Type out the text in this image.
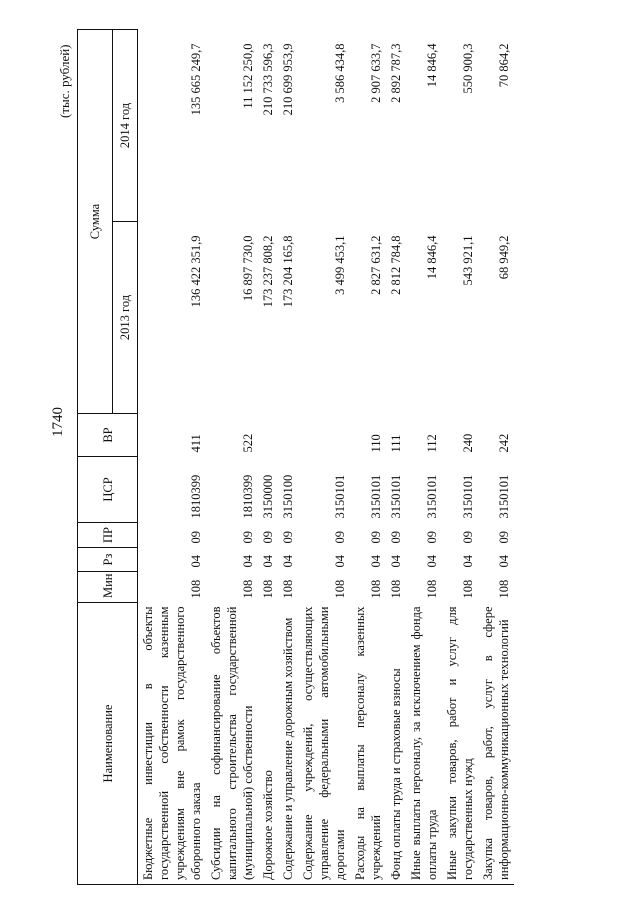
1740
(тыс. рублей)
Наименование	Мин	Рз	ПР	ЦСР	ВР	Сумма	
						2013 год	2014 год
Бюджетные инвестиции в объекты государственной собственности казенным учреждениям вне рамок государственного оборонного заказа	108	04	09	1810399	411	136 422 351,9	135 665 249,7
Субсидии на софинансирование объектов капитального строительства государственной (муниципальной) собственности	108	04	09	1810399	522	16 897 730,0	11 152 250,0
Дорожное хозяйство	108	04	09	3150000		173 237 808,2	210 733 596,3
Содержание и управление дорожным хозяйством	108	04	09	3150100		173 204 165,8	210 699 953,9
Содержание учреждений, осуществляющих управление федеральными автомобильными дорогами	108	04	09	3150101		3 499 453,1	3 586 434,8
Расходы на выплаты персоналу казенных учреждений	108	04	09	3150101	110	2 827 631,2	2 907 633,7
Фонд оплаты труда и страховые взносы	108	04	09	3150101	111	2 812 784,8	2 892 787,3
Иные выплаты персоналу, за исключением фонда оплаты труда	108	04	09	3150101	112	14 846,4	14 846,4
Иные закупки товаров, работ и услуг для государственных нужд	108	04	09	3150101	240	543 921,1	550 900,3
Закупка товаров, работ, услуг в сфере информационно-коммуникационных технологий	108	04	09	3150101	242	68 949,2	70 864,2
